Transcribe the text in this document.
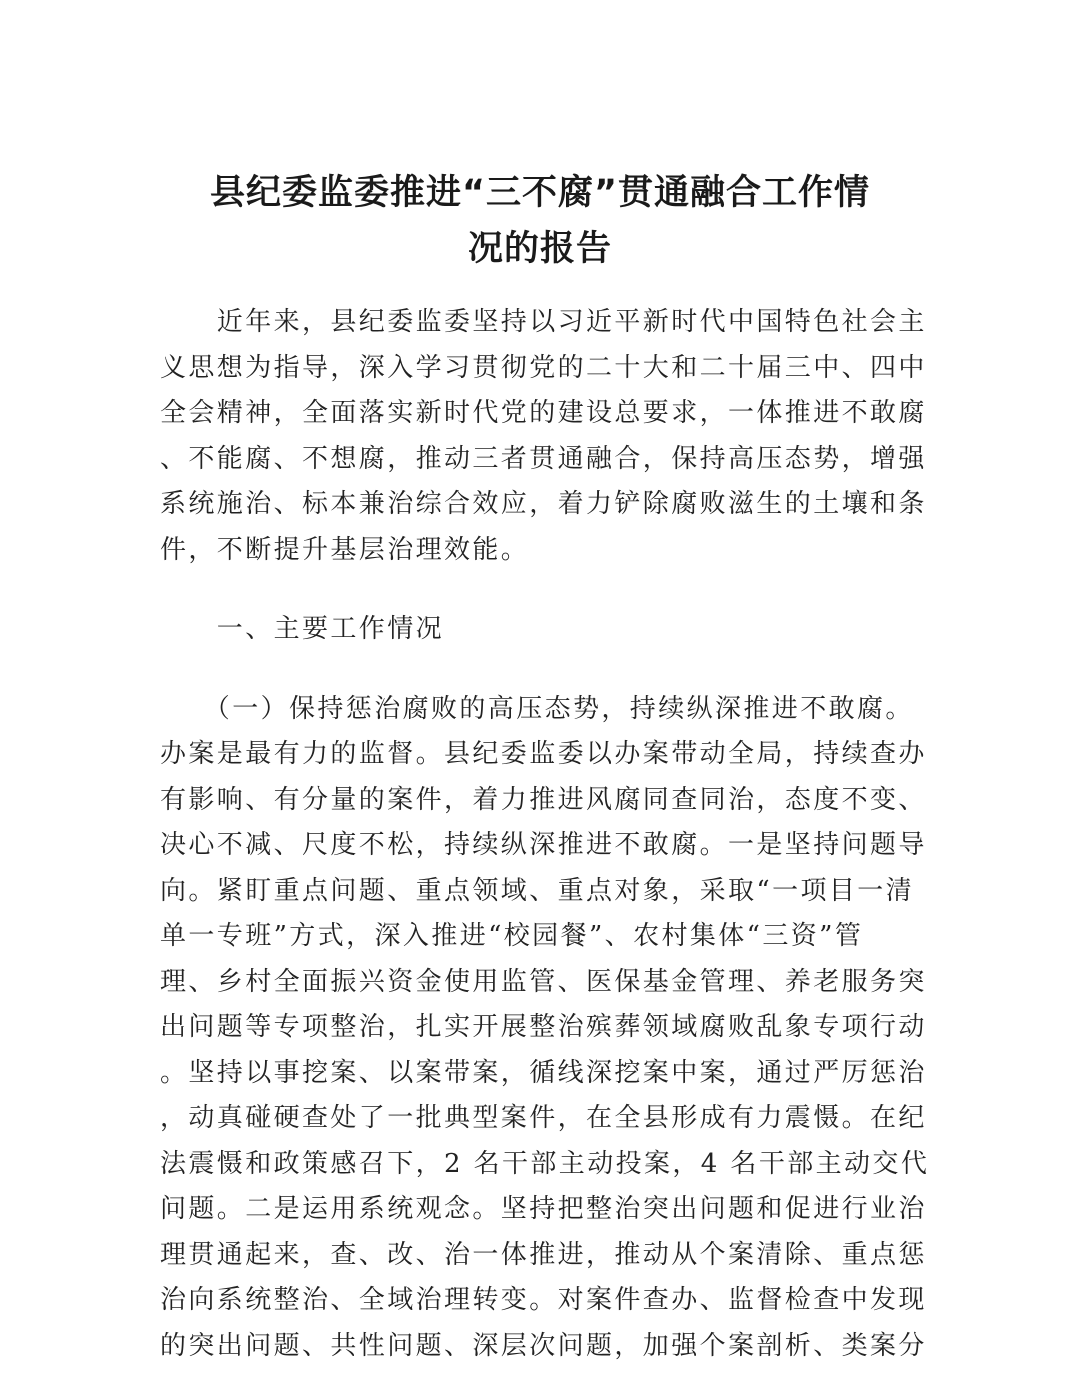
县纪委监委推进“三不腐”贯通融合工作情
况的报告
　　近年来，县纪委监委坚持以习近平新时代中国特色社会主
义思想为指导，深入学习贯彻党的二十大和二十届三中、四中
全会精神，全面落实新时代党的建设总要求，一体推进不敢腐
、不能腐、不想腐，推动三者贯通融合，保持高压态势，增强
系统施治、标本兼治综合效应，着力铲除腐败滋生的土壤和条
件，不断提升基层治理效能。
　　一、主要工作情况
　　（一）保持惩治腐败的高压态势，持续纵深推进不敢腐。
办案是最有力的监督。县纪委监委以办案带动全局，持续查办
有影响、有分量的案件，着力推进风腐同查同治，态度不变、
决心不减、尺度不松，持续纵深推进不敢腐。一是坚持问题导
向。紧盯重点问题、重点领域、重点对象，采取“一项目一清
单一专班”方式，深入推进“校园餐”、农村集体“三资”管
理、乡村全面振兴资金使用监管、医保基金管理、养老服务突
出问题等专项整治，扎实开展整治殡葬领域腐败乱象专项行动
。坚持以事挖案、以案带案，循线深挖案中案，通过严厉惩治
，动真碰硬查处了一批典型案件，在全县形成有力震慑。在纪
法震慑和政策感召下，2 名干部主动投案，4 名干部主动交代
问题。二是运用系统观念。坚持把整治突出问题和促进行业治
理贯通起来，查、改、治一体推进，推动从个案清除、重点惩
治向系统整治、全域治理转变。对案件查办、监督检查中发现
的突出问题、共性问题、深层次问题，加强个案剖析、类案分
